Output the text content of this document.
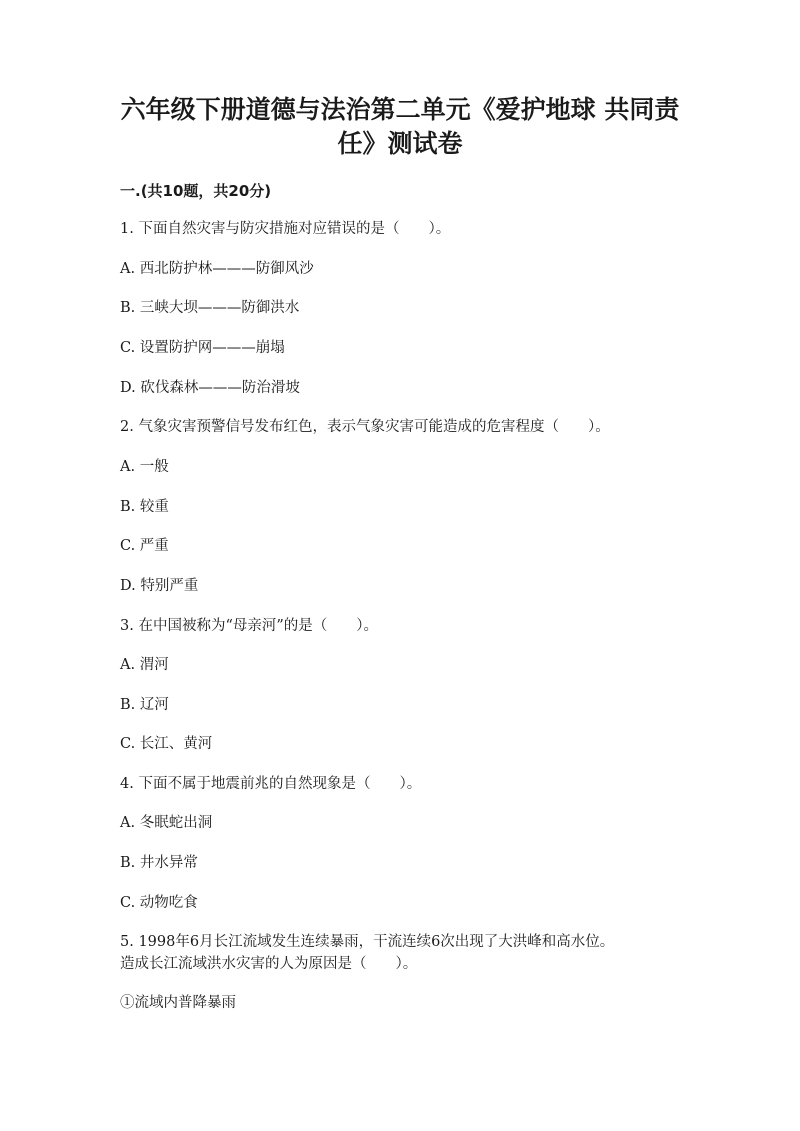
六年级下册道德与法治第二单元《爱护地球 共同责
任》测试卷
一.(共10题，共20分)
1. 下面自然灾害与防灾措施对应错误的是（　　）。
A. 西北防护林———防御风沙
B. 三峡大坝———防御洪水
C. 设置防护网———崩塌
D. 砍伐森林———防治滑坡
2. 气象灾害预警信号发布红色，表示气象灾害可能造成的危害程度（　　）。
A. 一般
B. 较重
C. 严重
D. 特别严重
3. 在中国被称为“母亲河”的是（　　）。
A. 渭河
B. 辽河
C. 长江、黄河
4. 下面不属于地震前兆的自然现象是（　　）。
A. 冬眠蛇出洞
B. 井水异常
C. 动物吃食
5. 1998年6月长江流域发生连续暴雨，干流连续6次出现了大洪峰和高水位。
造成长江流域洪水灾害的人为原因是（　　）。
①流域内普降暴雨
